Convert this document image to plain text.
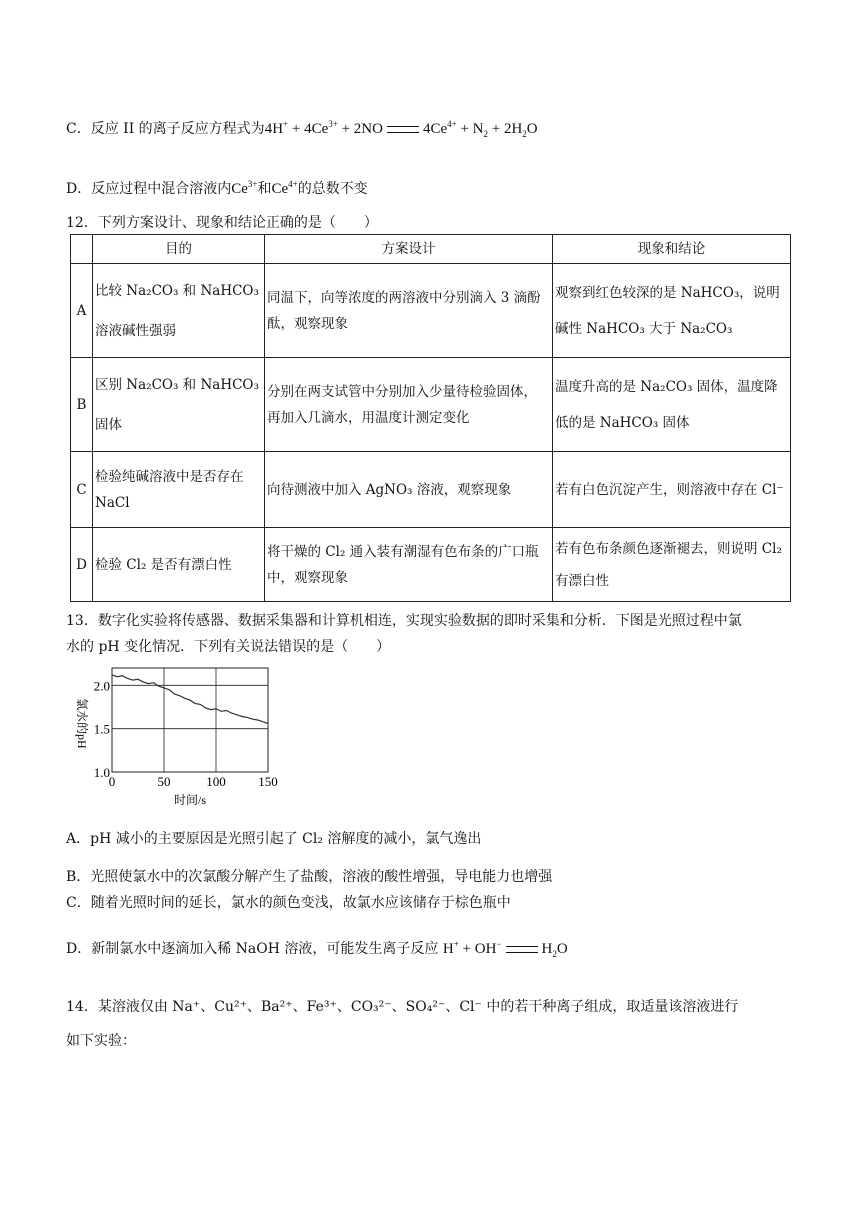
C．反应 II 的离子反应方程式为$4H^+ + 4Ce^{3+} + 2NO$	$4Ce^{4+} + N_2 + 2H_2O$
D．反应过程中混合溶液内$Ce^{3+}$和$Ce^{4+}$的总数不变
12．下列方案设计、现象和结论正确的是（　　）
	目的	方案设计	现象和结论
A	比较 Na₂CO₃ 和 NaHCO₃ 溶液碱性强弱	同温下，向等浓度的两溶液中分别滴入 3 滴酚酞，观察现象	观察到红色较深的是 NaHCO₃，说明碱性 NaHCO₃ 大于 Na₂CO₃
B	区别 Na₂CO₃ 和 NaHCO₃ 固体	分别在两支试管中分别加入少量待检验固体，再加入几滴水，用温度计测定变化	温度升高的是 Na₂CO₃ 固体，温度降低的是 NaHCO₃ 固体
C	检验纯碱溶液中是否存在NaCl	向待测液中加入 AgNO₃ 溶液，观察现象	若有白色沉淀产生，则溶液中存在 Cl⁻
D	检验 Cl₂ 是否有漂白性	将干燥的 Cl₂ 通入装有潮湿有色布条的广口瓶中，观察现象	若有色布条颜色逐渐褪去，则说明 Cl₂ 有漂白性
13．数字化实验将传感器、数据采集器和计算机相连，实现实验数据的即时采集和分析．下图是光照过程中氯
水的 pH 变化情况．下列有关说法错误的是（　　）
0	50	100	150
1.0
1.5
2.0
氯水的pH
时间/s
A．pH 减小的主要原因是光照引起了 Cl₂ 溶解度的减小，氯气逸出
B．光照使氯水中的次氯酸分解产生了盐酸，溶液的酸性增强，导电能力也增强
C．随着光照时间的延长，氯水的颜色变浅，故氯水应该储存于棕色瓶中
D．新制氯水中逐滴加入稀 NaOH 溶液，可能发生离子反应 H+ + OH−	$H_2O$
14．某溶液仅由 Na⁺、Cu²⁺、Ba²⁺、Fe³⁺、CO₃²⁻、SO₄²⁻、Cl⁻ 中的若干种离子组成，取适量该溶液进行
如下实验：
